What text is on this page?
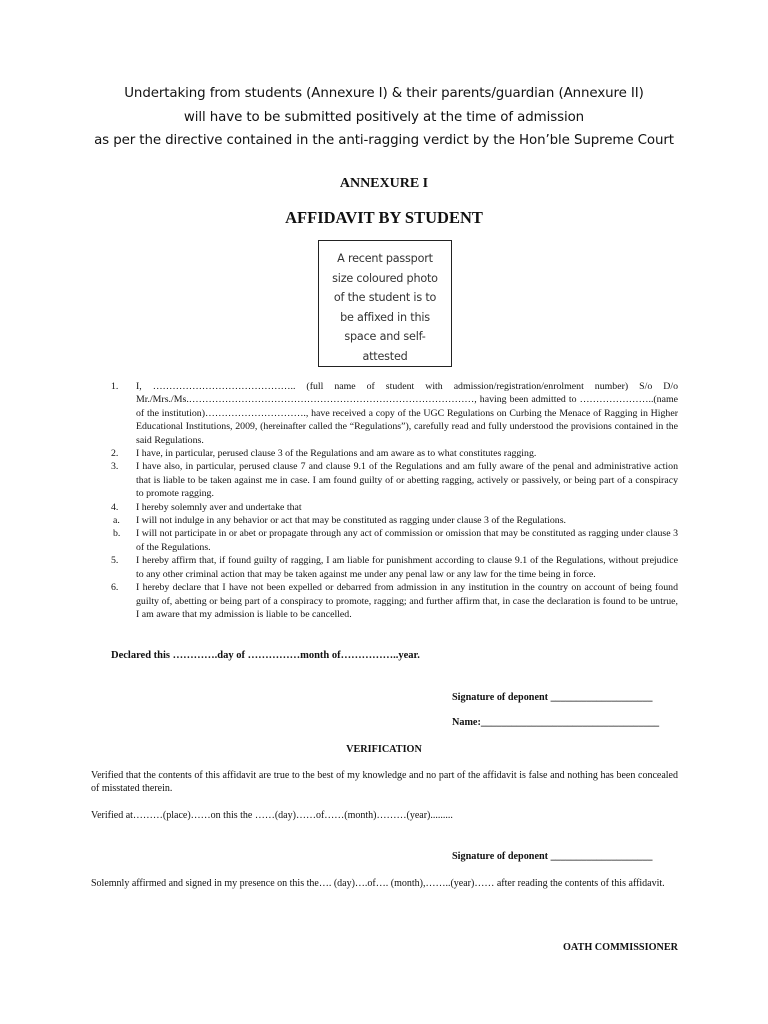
Undertaking from students (Annexure I) & their parents/guardian (Annexure II)
will have to be submitted positively at the time of admission
as per the directive contained in the anti-ragging verdict by the Hon’ble Supreme Court
ANNEXURE I
AFFIDAVIT BY STUDENT
A recent passport
size coloured photo
of the student is to
be affixed in this
space and self-
attested
1. I, …………………………………….. (full name of student with admission/registration/enrolment number) S/o D/o Mr./Mrs./Ms.……………………………………………………………………………, having been admitted to …………………..(name of the institution)…………………………., have received a copy of the UGC Regulations on Curbing the Menace of Ragging in Higher Educational Institutions, 2009, (hereinafter called the “Regulations”), carefully read and fully understood the provisions contained in the said Regulations.
2. I have, in particular, perused clause 3 of the Regulations and am aware as to what constitutes ragging.
3. I have also, in particular, perused clause 7 and clause 9.1 of the Regulations and am fully aware of the penal and administrative action that is liable to be taken against me in case. I am found guilty of or abetting ragging, actively or passively, or being part of a conspiracy to promote ragging.
4. I hereby solemnly aver and undertake that
a. I will not indulge in any behavior or act that may be constituted as ragging under clause 3 of the Regulations.
b. I will not participate in or abet or propagate through any act of commission or omission that may be constituted as ragging under clause 3 of the Regulations.
5. I hereby affirm that, if found guilty of ragging, I am liable for punishment according to clause 9.1 of the Regulations, without prejudice to any other criminal action that may be taken against me under any penal law or any law for the time being in force.
6. I hereby declare that I have not been expelled or debarred from admission in any institution in the country on account of being found guilty of, abetting or being part of a conspiracy to promote, ragging; and further affirm that, in case the declaration is found to be untrue, I am aware that my admission is liable to be cancelled.
Declared this ………….day of ……………month of……………..year.
Signature of deponent ____________________
Name:___________________________________
VERIFICATION
Verified that the contents of this affidavit are true to the best of my knowledge and no part of the affidavit is false and nothing has been concealed of misstated therein.
Verified at………(place)……on this the ……(day)……of……(month)………(year).........
Signature of deponent ____________________
Solemnly affirmed and signed in my presence on this the…. (day)….of…. (month),……..(year)…… after reading the contents of this affidavit.
OATH COMMISSIONER
